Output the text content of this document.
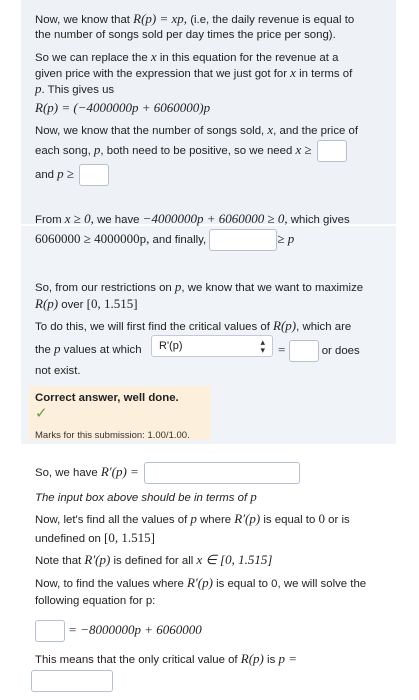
Now, we know that R(p) = xp, (i.e, the daily revenue is equal to
the number of songs sold per day times the price per song).
So we can replace the x in this equation for the revenue at a
given price with the expression that we just got for x in terms of
p. This gives us
R(p) = (−4000000p + 6060000)p
Now, we know that the number of songs sold, x, and the price of
each song, p, both need to be positive, so we need x ≥
and p ≥
From x ≥ 0, we have −4000000p + 6060000 ≥ 0, which gives
6060000 ≥ 4000000p, and finally,	≥ p
So, from our restrictions on p, we know that we want to maximize
R(p) over [0, 1.515]
To do this, we will first find the critical values of R(p), which are
the p values at which	R'(p)	▴
▾ =	or does
not exist.
Correct answer, well done.
✓
Marks for this submission: 1.00/1.00.
So, we have R′(p) =
The input box above should be in terms of p
Now, let's find all the values of p where R′(p) is equal to 0 or is
undefined on [0, 1.515]
Note that R′(p) is defined for all x ∈ [0, 1.515]
Now, to find the values where R′(p) is equal to 0, we will solve the
following equation for p:
= −8000000p + 6060000
This means that the only critical value of R(p) is p =
